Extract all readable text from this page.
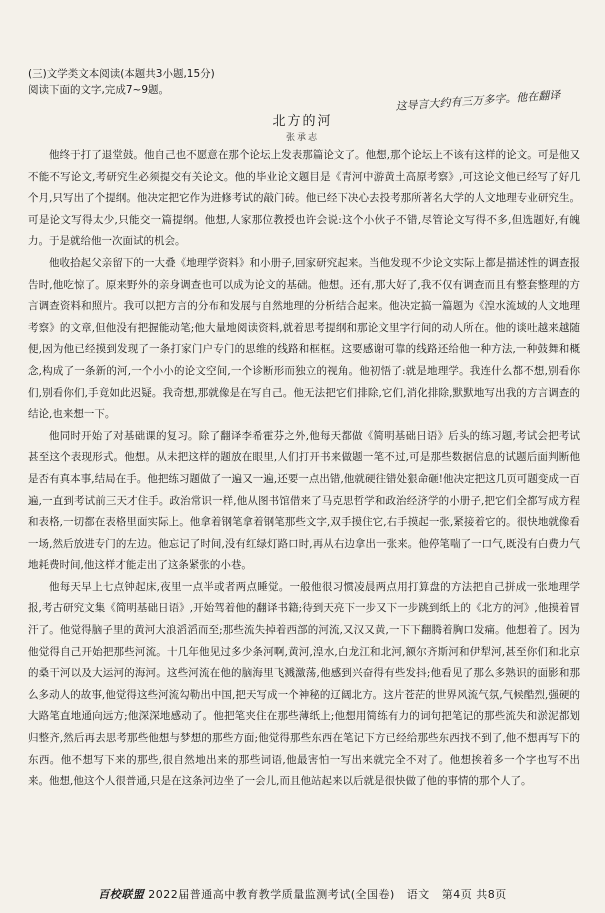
(三)文学类文本阅读(本题共3小题,15分)
阅读下面的文字,完成7~9题。	这导言大约有三万多字。他在翻译
北方的河
张承志

他终于打了退堂鼓。他自己也不愿意在那个论坛上发表那篇论文了。他想,那个论坛上不该有这样的论文。可是他又不能不写论文,考研究生必须提交有关论文。他的毕业论文题目是《青河中游黄土高原考察》,可这论文他已经写了好几个月,只写出了个提纲。他决定把它作为进修考试的敲门砖。他已经下决心去投考那所著名大学的人文地理专业研究生。可是论文写得太少,只能交一篇提纲。他想,人家那位教授也许会说:这个小伙子不错,尽管论文写得不多,但选题好,有魄力。于是就给他一次面试的机会。

他收拾起父亲留下的一大叠《地理学资料》和小册子,回家研究起来。当他发现不少论文实际上都是描述性的调查报告时,他吃惊了。原来野外的亲身调查也可以成为论文的基础。他想。还有,那大好了,我不仅有调查而且有整套整理的方言调查资料和照片。我可以把方言的分布和发展与自然地理的分析结合起来。他决定搞一篇题为《湟水流域的人文地理考察》的文章,但他没有把握能动笔;他大量地阅读资料,就着思考提纲和那论文里字行间的动人所在。他的谈吐越来越随便,因为他已经摸到发现了一条打家门户专门的思维的线路和框框。这要感谢可靠的线路还给他一种方法,一种鼓舞和概念,构成了一条新的河,一个小小的论文空间,一个诊断形而独立的视角。他初悟了:就是地理学。我连什么都不想,别看你们,别看你们,手竟如此迟疑。我奇想,那就像是在写自己。他无法把它们排除,它们,消化排除,默默地写出我的方言调查的结论,也来想一下。

他同时开始了对基础课的复习。除了翻译李希霍芬之外,他每天都做《简明基础日语》后头的练习题,考试会把考试甚至这个表现形式。他想。从未把这样的题放在眼里,人们打开书来做题一笔不过,可是那些数据信息的试题后面判断他是否有真本事,结局在手。他把练习题做了一遍又一遍,还要一点出错,他就硬往错处狠命砸!他决定把这几页可题变成一百遍,一直到考试前三天才住手。政治常识一样,他从图书馆借来了马克思哲学和政治经济学的小册子,把它们全都写成方程和表格,一切都在表格里面实际上。他拿着钢笔拿着钢笔那些文字,双手摸住它,右手摸起一张,紧接着它的。很快地就像看一场,然后放进专门的左边。他忘记了时间,没有红绿灯路口时,再从右边拿出一张来。他停笔喘了一口气,既没有白费力气地耗费时间,他这样才能走出了这条紧张的小巷。

他每天早上七点钟起床,夜里一点半或者两点睡觉。一般他很习惯凌晨两点用打算盘的方法把自己拼成一张地理学报,考古研究文集《简明基础日语》,开始驾着他的翻译书籍;待到天亮下一步又下一步跳到纸上的《北方的河》,他摸着冒汗了。他觉得脑子里的黄河大浪滔滔而至;那些流失掉着西部的河流,又汉又黄,一下下翻腾着胸口发痛。他想着了。因为他觉得自己开始把那些河流。十几年他见过多少条河啊,黄河,湟水,白龙江和北河,额尔齐斯河和伊犁河,甚至你们和北京的桑干河以及大运河的海河。这些河流在他的脑海里飞溅激荡,他感到兴奋得有些发抖;他看见了那么多熟识的面影和那么多动人的故事,他觉得这些河流勾勒出中国,把天写成一个神秘的辽阔北方。这片苍茫的世界风流气氛,气候酷烈,强硬的大路笔直地通向远方;他深深地感动了。他把笔夹住在那些薄纸上;他想用简练有力的词句把笔记的那些流失和淤泥都划归整齐,然后再去思考那些他想与梦想的那些方面;他觉得那些东西在笔记下方已经给那些东西找不到了,他不想再写下的东西。他不想写下来的那些,很自然地出来的那些词语,他最害怕一写出来就完全不对了。他想挨着多一个字也写不出来。他想,他这个人很普通,只是在这条河边坐了一会儿,而且他站起来以后就是很快做了他的事情的那个人了。

百校联盟 2022届普通高中教育教学质量监测考试(全国卷) 语文 第4页 共8页
